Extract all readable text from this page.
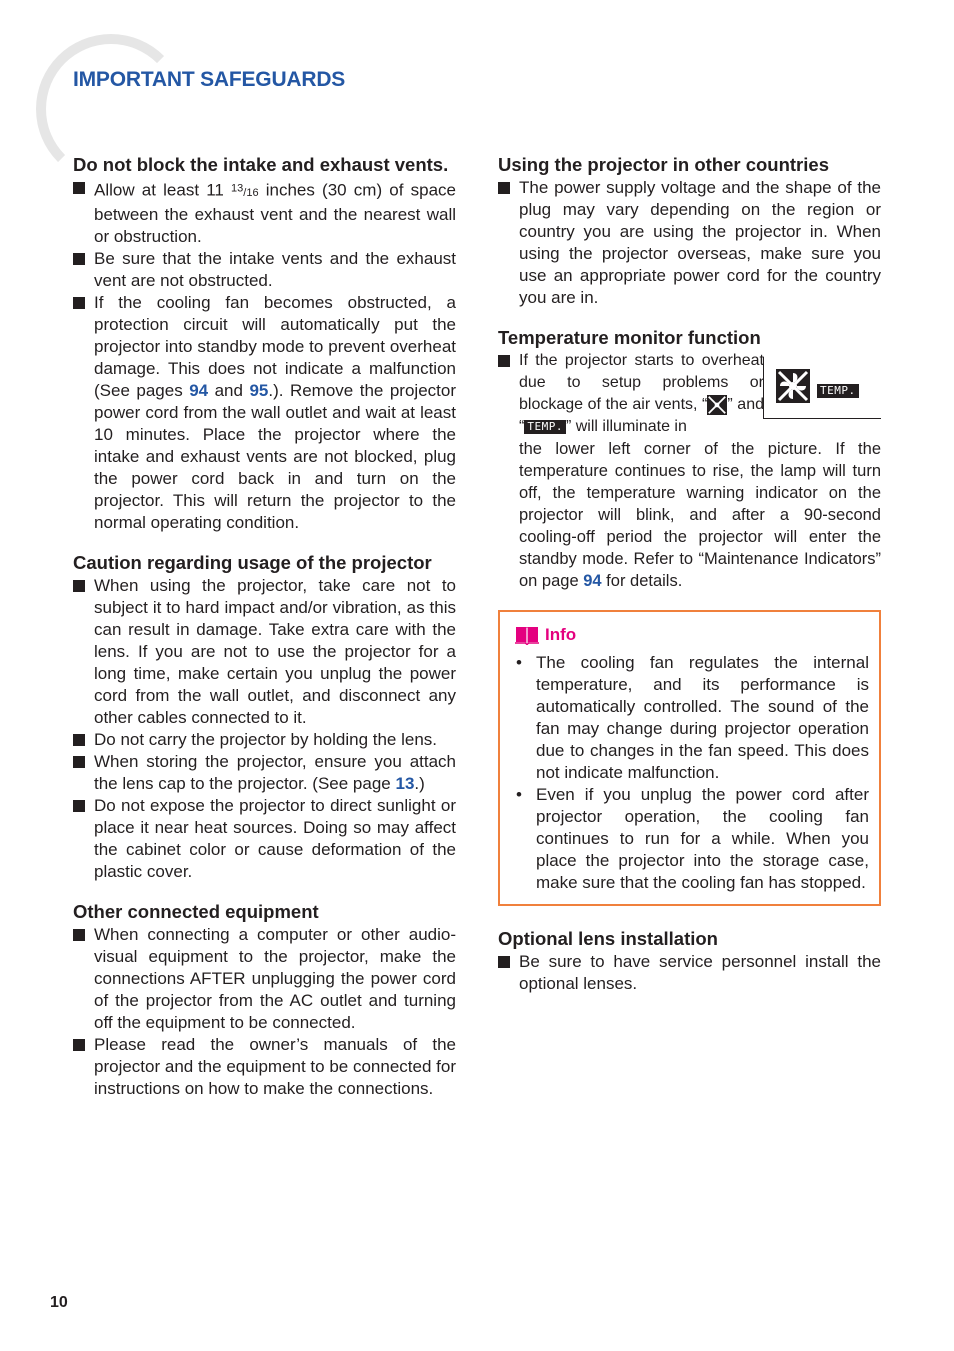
IMPORTANT SAFEGUARDS
Do not block the intake and exhaust vents.

Allow at least 11 $^{13}$/16 inches (30 cm) of space between the exhaust vent and the nearest wall or obstruction.

Be sure that the intake vents and the exhaust vent are not obstructed.

If the cooling fan becomes obstructed, a protection circuit will automatically put the projector into standby mode to prevent overheat damage. This does not indicate a malfunction (See pages 94 and 95.). Remove the projector power cord from the wall outlet and wait at least 10 minutes. Place the projector where the intake and exhaust vents are not blocked, plug the power cord back in and turn on the projector. This will return the projector to the normal operating condition.

Caution regarding usage of the projector

When using the projector, take care not to subject it to hard impact and/or vibration, as this can result in damage. Take extra care with the lens. If you are not to use the projector for a long time, make certain you unplug the power cord from the wall outlet, and disconnect any other cables connected to it.

Do not carry the projector by holding the lens.

When storing the projector, ensure you attach the lens cap to the projector. (See page 13.)

Do not expose the projector to direct sunlight or place it near heat sources. Doing so may affect the cabinet color or cause deformation of the plastic cover.

Other connected equipment

When connecting a computer or other audio-visual equipment to the projector, make the connections AFTER unplugging the power cord of the projector from the AC outlet and turning off the equipment to be connected.

Please read the owner’s manuals of the projector and the equipment to be connected for instructions on how to make the connections.

Using the projector in other countries

The power supply voltage and the shape of the plug may vary depending on the region or country you are using the projector in. When using the projector overseas, make sure you use an appropriate power cord for the country you are in.

Temperature monitor function
TEMP.

If the projector starts to overheat due to setup problems or blockage of the air vents, “ ” and “ TEMP. ” will illuminate in
the lower left corner of the picture. If the temperature continues to rise, the lamp will turn off, the temperature warning indicator on the projector will blink, and after a 90-second cooling-off period the projector will enter the standby mode. Refer to “Maintenance Indicators” on page 94 for details.

Info

• The cooling fan regulates the internal temperature, and its performance is automatically controlled. The sound of the fan may change during projector operation due to changes in the fan speed. This does not indicate malfunction.

• Even if you unplug the power cord after projector operation, the cooling fan continues to run for a while. When you place the projector into the storage case, make sure that the cooling fan has stopped.

Optional lens installation

Be sure to have service personnel install the optional lenses.

10
